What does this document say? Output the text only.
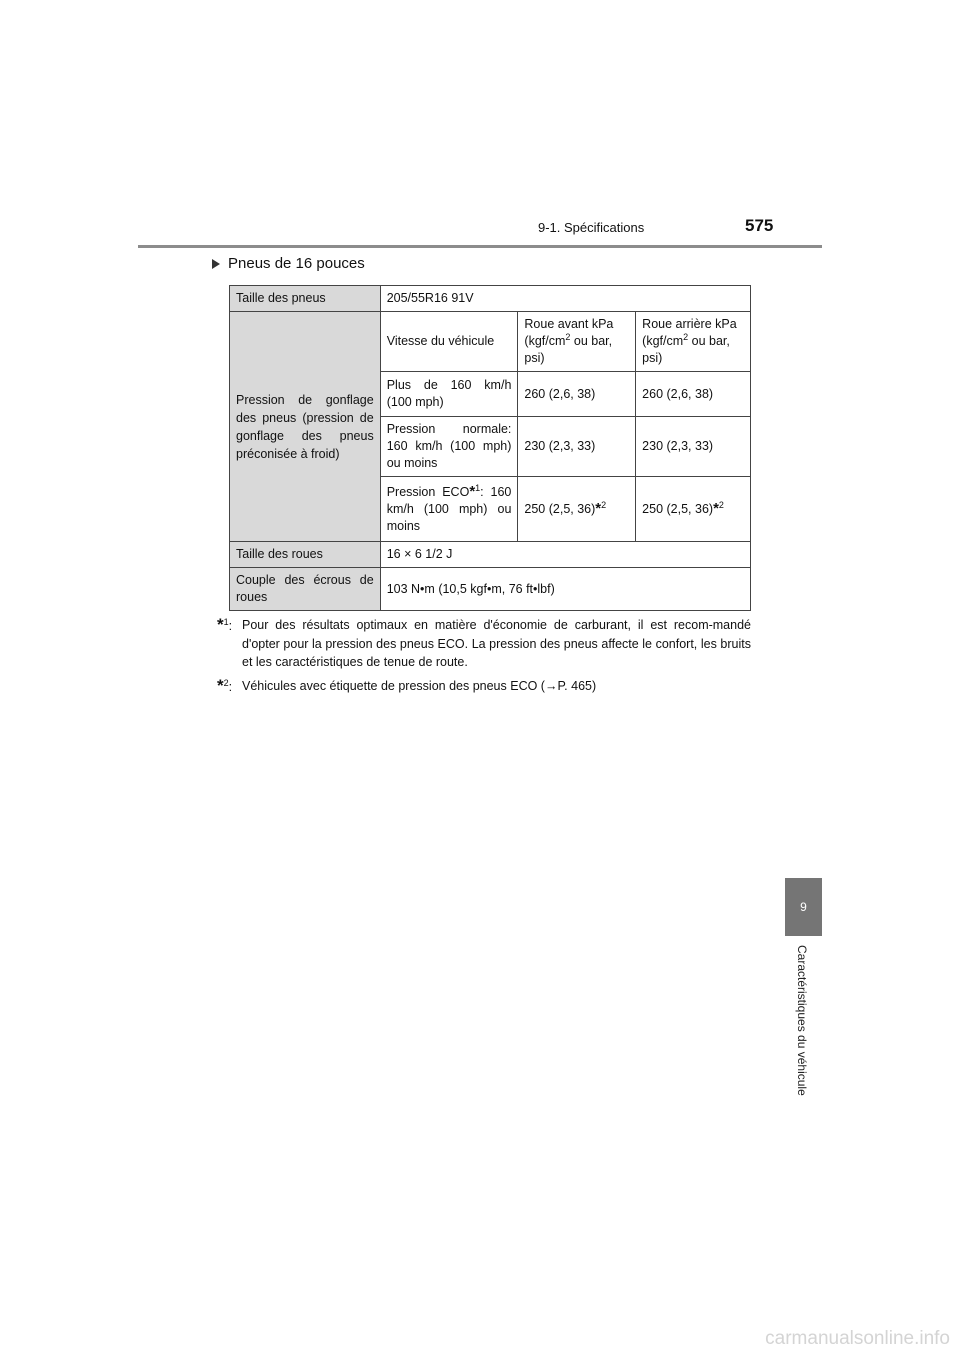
9-1. Spécifications	575
Pneus de 16 pouces
Taille des pneus	205/55R16 91V		
Pression de gonflage des pneus (pression de gonflage des pneus préconisée à froid)	Vitesse du véhicule	Roue avant kPa ($kgf/cm^2$ ou bar, psi)	Roue arrière kPa ($kgf/cm^2$ ou bar, psi)
	Plus de 160 km/h (100 mph)	260 (2,6, 38)	260 (2,6, 38)
	Pression normale: 160 km/h (100 mph) ou moins	230 (2,3, 33)	230 (2,3, 33)
	Pression ECO*$^1$: 160 km/h (100 mph) ou moins	250 (2,5, 36)*$^2$	250 (2,5, 36)*$^2$
Taille des roues	16 × 6 1/2 J		
Couple des écrous de roues	103 N•m (10,5 kgf•m, 76 ft•lbf)		
*$^1$: Pour des résultats optimaux en matière d'économie de carburant, il est recom-mandé d'opter pour la pression des pneus ECO. La pression des pneus affecte le confort, les bruits et les caractéristiques de tenue de route.
*$^2$: Véhicules avec étiquette de pression des pneus ECO (→P. 465)
9
Caractéristiques du véhicule
carmanualsonline.info
